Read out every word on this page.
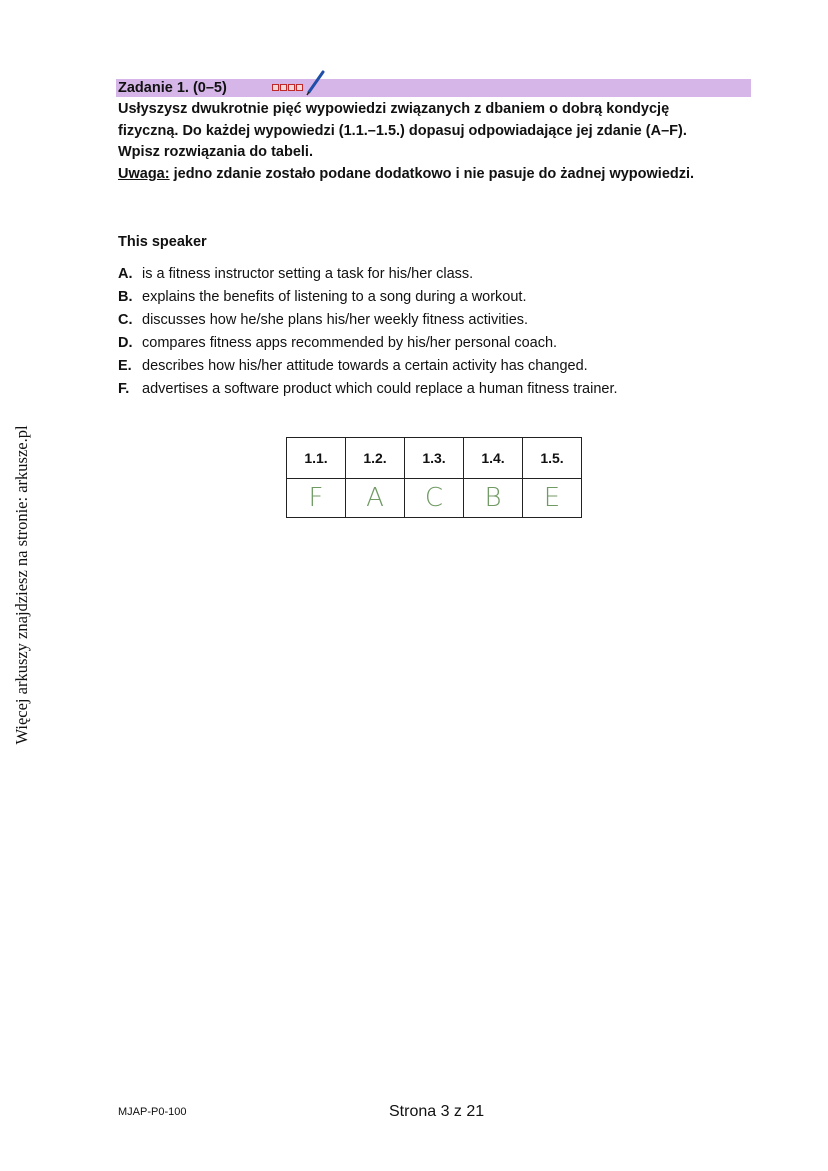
Zadanie 1. (0–5)
Usłyszysz dwukrotnie pięć wypowiedzi związanych z dbaniem o dobrą kondycję
fizyczną. Do każdej wypowiedzi (1.1.–1.5.) dopasuj odpowiadające jej zdanie (A–F).
Wpisz rozwiązania do tabeli.
Uwaga: jedno zdanie zostało podane dodatkowo i nie pasuje do żadnej wypowiedzi.
This speaker
A. is a fitness instructor setting a task for his/her class.
B. explains the benefits of listening to a song during a workout.
C. discusses how he/she plans his/her weekly fitness activities.
D. compares fitness apps recommended by his/her personal coach.
E. describes how his/her attitude towards a certain activity has changed.
F. advertises a software product which could replace a human fitness trainer.
1.1.	1.2.	1.3.	1.4.	1.5.
F	A	C	B	E
Więcej arkuszy znajdziesz na stronie: arkusze.pl
MJAP-P0-100	Strona 3 z 21
